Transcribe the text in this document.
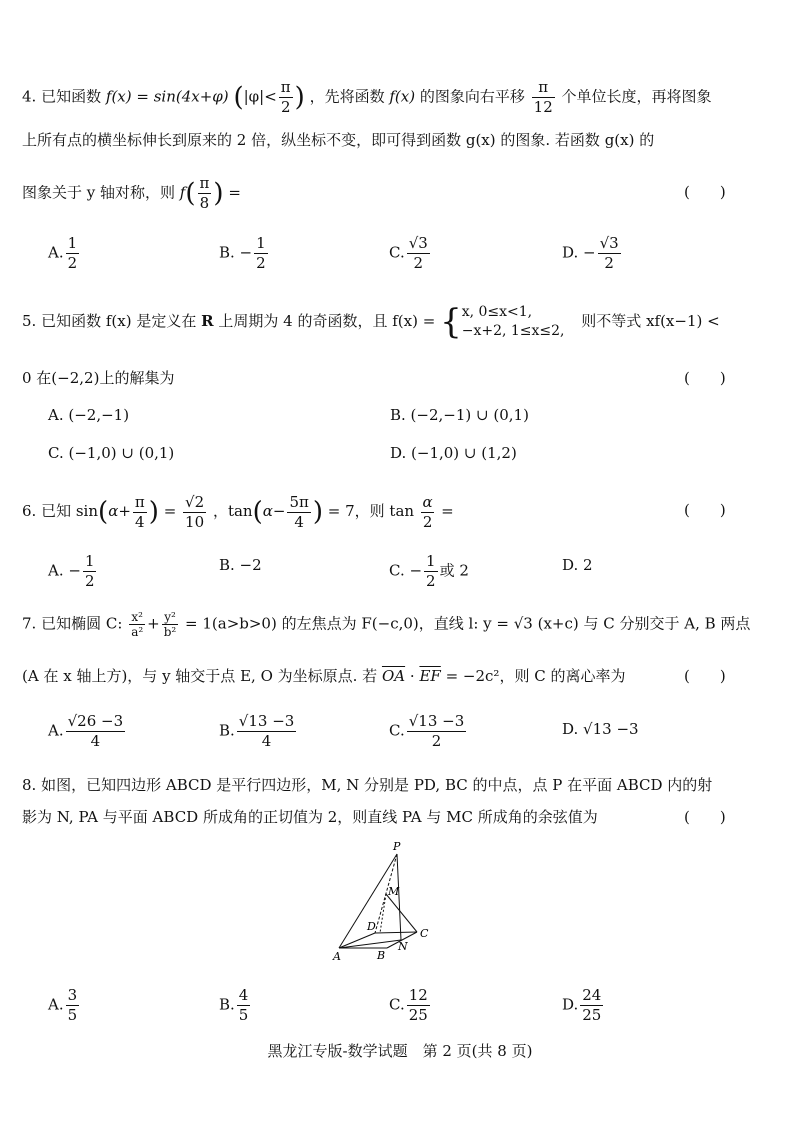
4. 已知函数 f(x) = sin(4x+φ) ($|\varphi|< \frac{\pi}{2}$ ) ，先将函数 f(x) 的图象向右平移 $\frac{\pi}{12}$ 个单位长度，再将图象
上所有点的横坐标伸长到原来的 2 倍，纵坐标不变，即可得到函数 g(x) 的图象. 若函数 g(x) 的
图象关于 y 轴对称，则 $f( \frac{\pi}{8}$ ) =	(　　)
A. $\frac{1}{2}$	B. − $\frac{1}{2}$	C. $\frac{√3}{2}$	D. − $\frac{√3}{2}$
5. 已知函数 f(x) 是定义在 R 上周期为 4 的奇函数，且 f(x) = { x, 0≤x<1,
−x+2, 1≤x≤2,
则不等式 xf(x−1) <
0 在(−2,2)上的解集为	(　　)
A. (−2,−1)	B. (−2,−1) ∪ (0,1)
C. (−1,0) ∪ (0,1)	D. (−1,0) ∪ (1,2)
6. 已知 $\sin(\alpha+ \frac{\pi}{4}$ ) = $\frac{√2}{10}$ ，$\tan(\alpha- \frac{5\pi}{4}$ ) = 7，则 $\tan \frac{\alpha}{2}$ =	(　　)
A. − $\frac{1}{2}$	B. −2	C. − $\frac{1}{2}$ 或 2	D. 2
7. 已知椭圆 C: $\frac{\text{x²}}{\text{a²}} + \frac{\text{y²}}{\text{b²}} = 1(a>b>0)$ 的左焦点为 F(−c,0)，直线 l: y = √3 (x+c) 与 C 分别交于 A, B 两点
(A 在 x 轴上方)，与 y 轴交于点 E, O 为坐标原点. 若 $\overline{OA} \cdot \overline{EF} = -2c^2$，则 C 的离心率为	(　　)
A. $\frac{√26 -3}{4}$	B. $\frac{√13 -3}{4}$	C. $\frac{√13 -3}{2}$	D. √13 −3
8. 如图，已知四边形 ABCD 是平行四边形，M, N 分别是 PD, BC 的中点，点 P 在平面 ABCD 内的射
影为 N, PA 与平面 ABCD 所成角的正切值为 2，则直线 PA 与 MC 所成角的余弦值为	(　　)
P
M
D
C
A	B
N
A. $\frac{3}{5}$	B. $\frac{4}{5}$	C. $\frac{12}{25}$	D. $\frac{24}{25}$
黑龙江专版-数学试题　第 2 页(共 8 页)
